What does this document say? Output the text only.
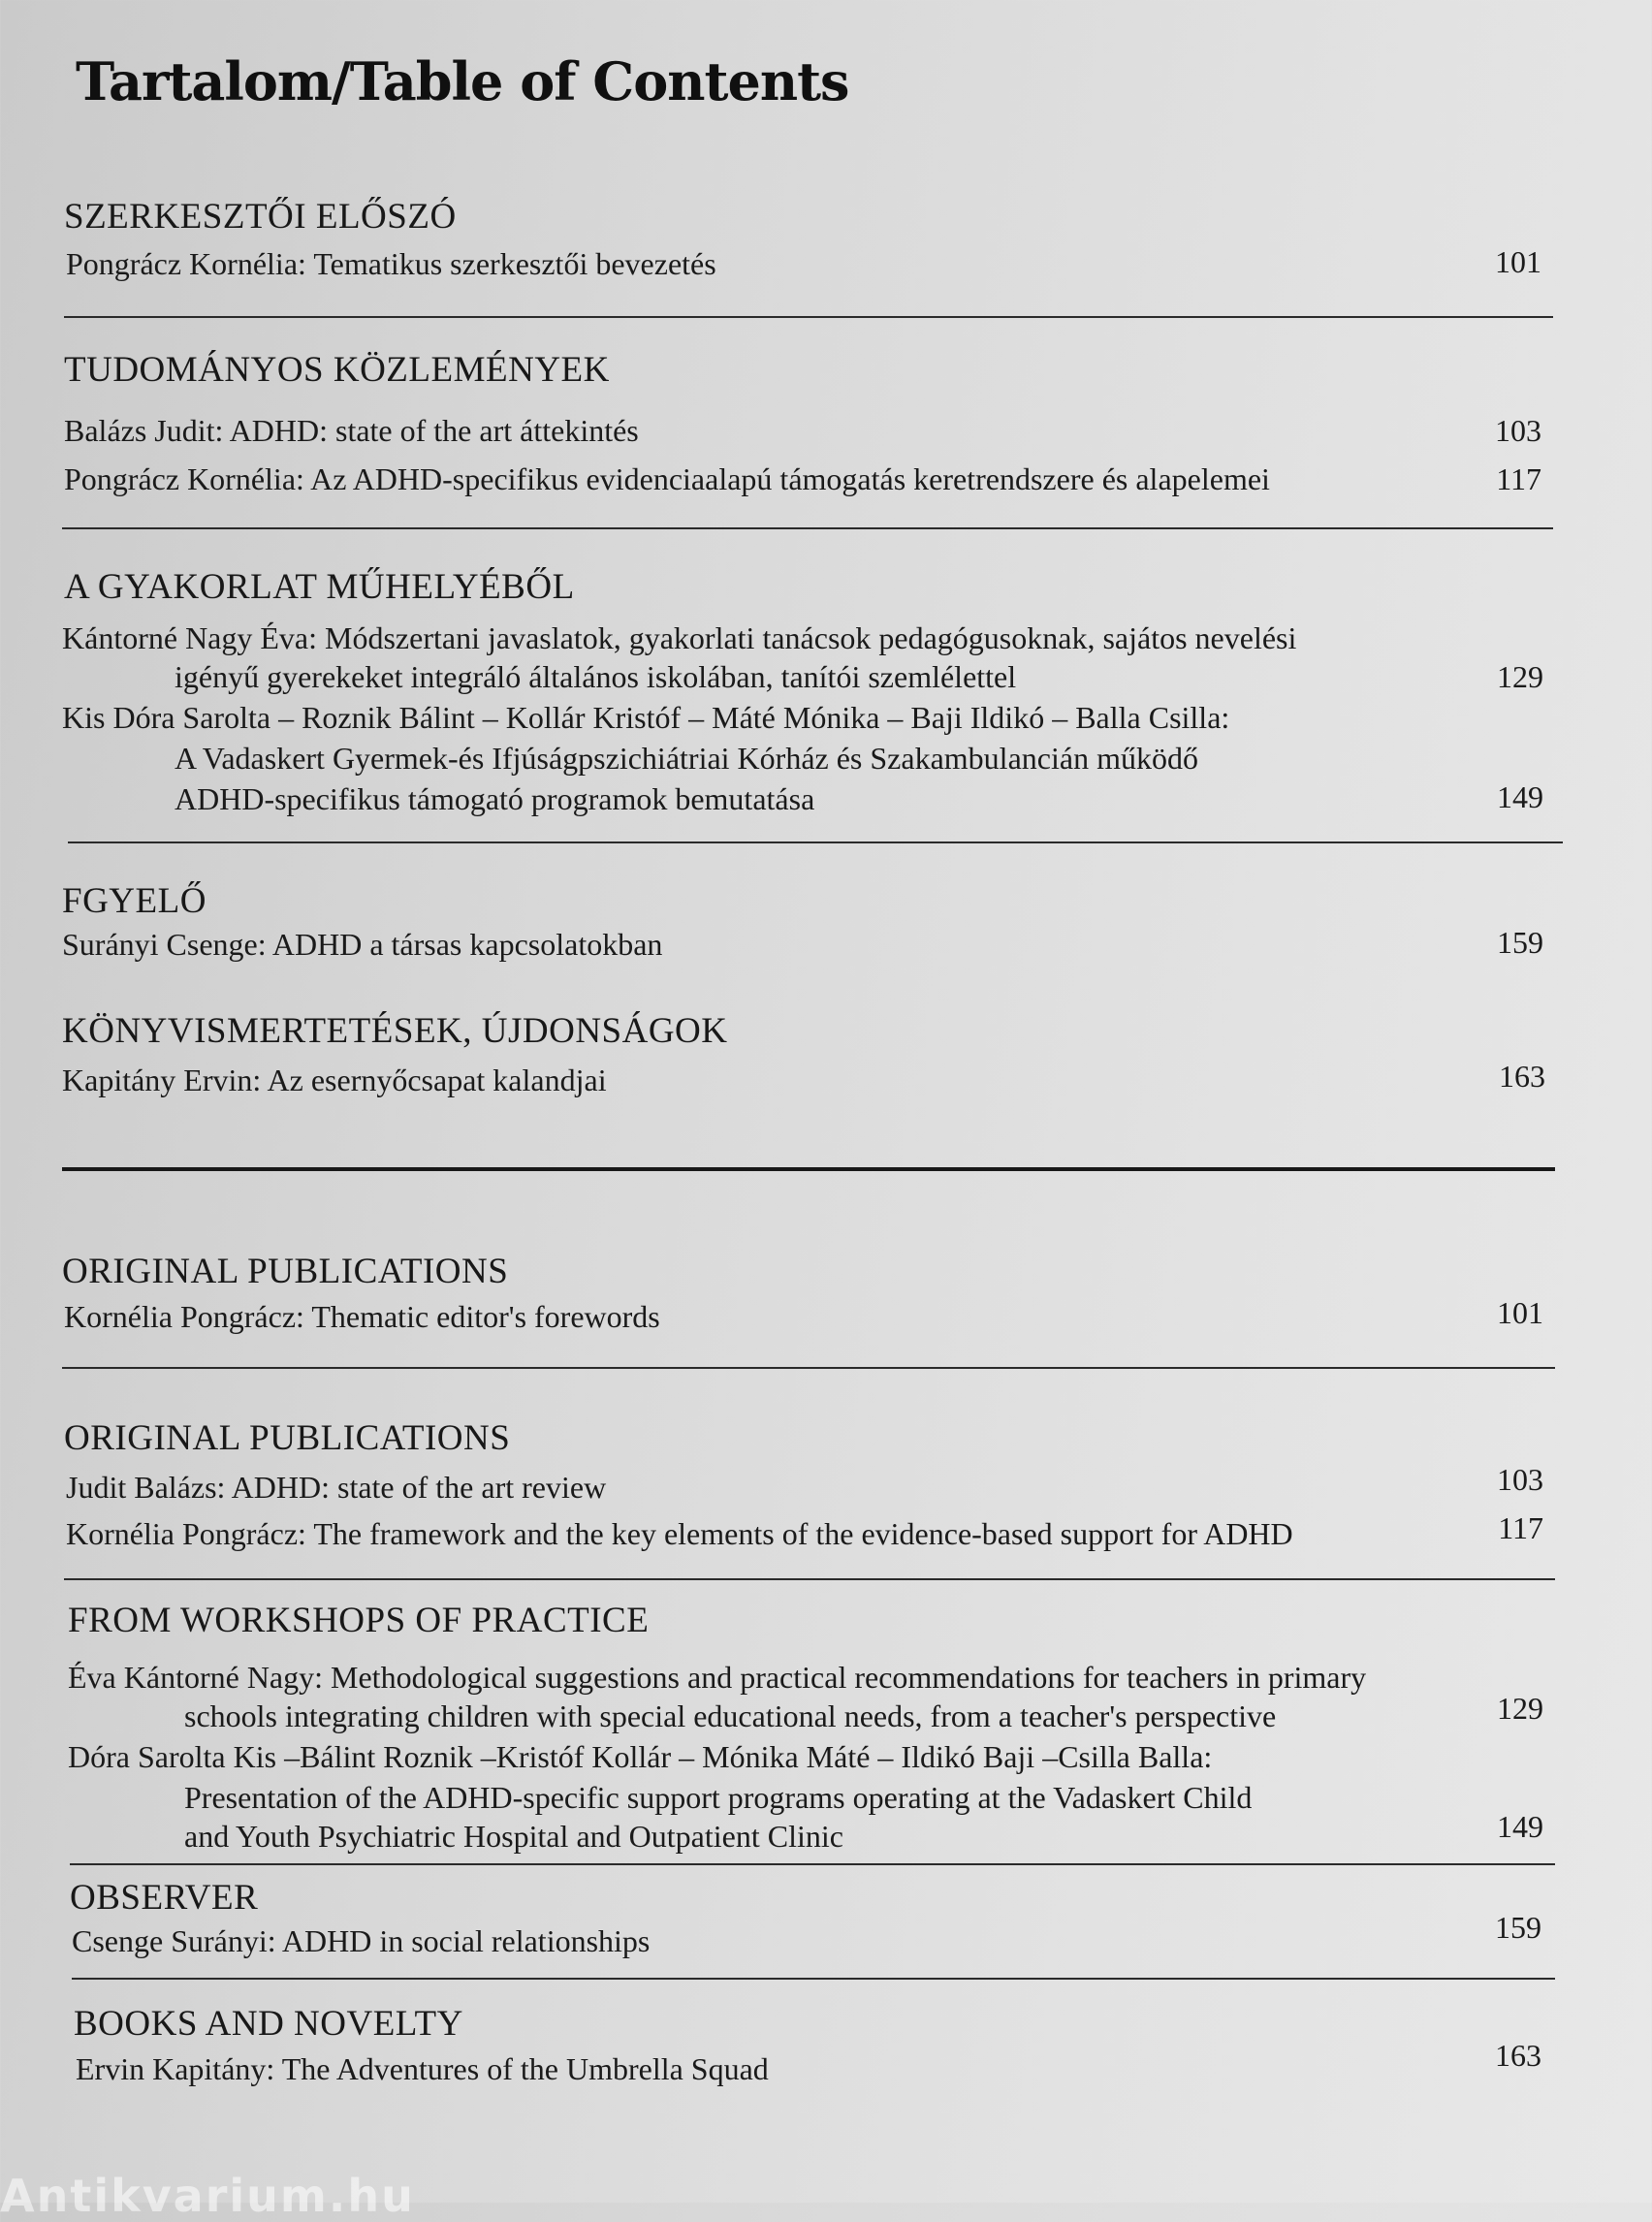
Tartalom/Table of Contents
SZERKESZTŐI ELŐSZÓ
Pongrácz Kornélia: Tematikus szerkesztői bevezetés	101
TUDOMÁNYOS KÖZLEMÉNYEK
Balázs Judit: ADHD: state of the art áttekintés	103
Pongrácz Kornélia: Az ADHD-specifikus evidenciaalapú támogatás keretrendszere és alapelemei	117
A GYAKORLAT MŰHELYÉBŐL
Kántorné Nagy Éva: Módszertani javaslatok, gyakorlati tanácsok pedagógusoknak, sajátos nevelési
igényű gyerekeket integráló általános iskolában, tanítói szemlélettel	129
Kis Dóra Sarolta – Roznik Bálint – Kollár Kristóf – Máté Mónika – Baji Ildikó – Balla Csilla:
A Vadaskert Gyermek-és Ifjúságpszichiátriai Kórház és Szakambulancián működő
ADHD-specifikus támogató programok bemutatása	149
FGYELŐ
Surányi Csenge: ADHD a társas kapcsolatokban	159
KÖNYVISMERTETÉSEK, ÚJDONSÁGOK
Kapitány Ervin: Az esernyőcsapat kalandjai	163
ORIGINAL PUBLICATIONS
Kornélia Pongrácz: Thematic editor's forewords	101
ORIGINAL PUBLICATIONS
Judit Balázs: ADHD: state of the art review	103
Kornélia Pongrácz: The framework and the key elements of the evidence-based support for ADHD	117
FROM WORKSHOPS OF PRACTICE
Éva Kántorné Nagy: Methodological suggestions and practical recommendations for teachers in primary
schools integrating children with special educational needs, from a teacher's perspective	129
Dóra Sarolta Kis –Bálint Roznik –Kristóf Kollár – Mónika Máté – Ildikó Baji –Csilla Balla:
Presentation of the ADHD-specific support programs operating at the Vadaskert Child
and Youth Psychiatric Hospital and Outpatient Clinic	149
OBSERVER
Csenge Surányi: ADHD in social relationships	159
BOOKS AND NOVELTY
Ervin Kapitány: The Adventures of the Umbrella Squad	163
Antikvarium.hu
